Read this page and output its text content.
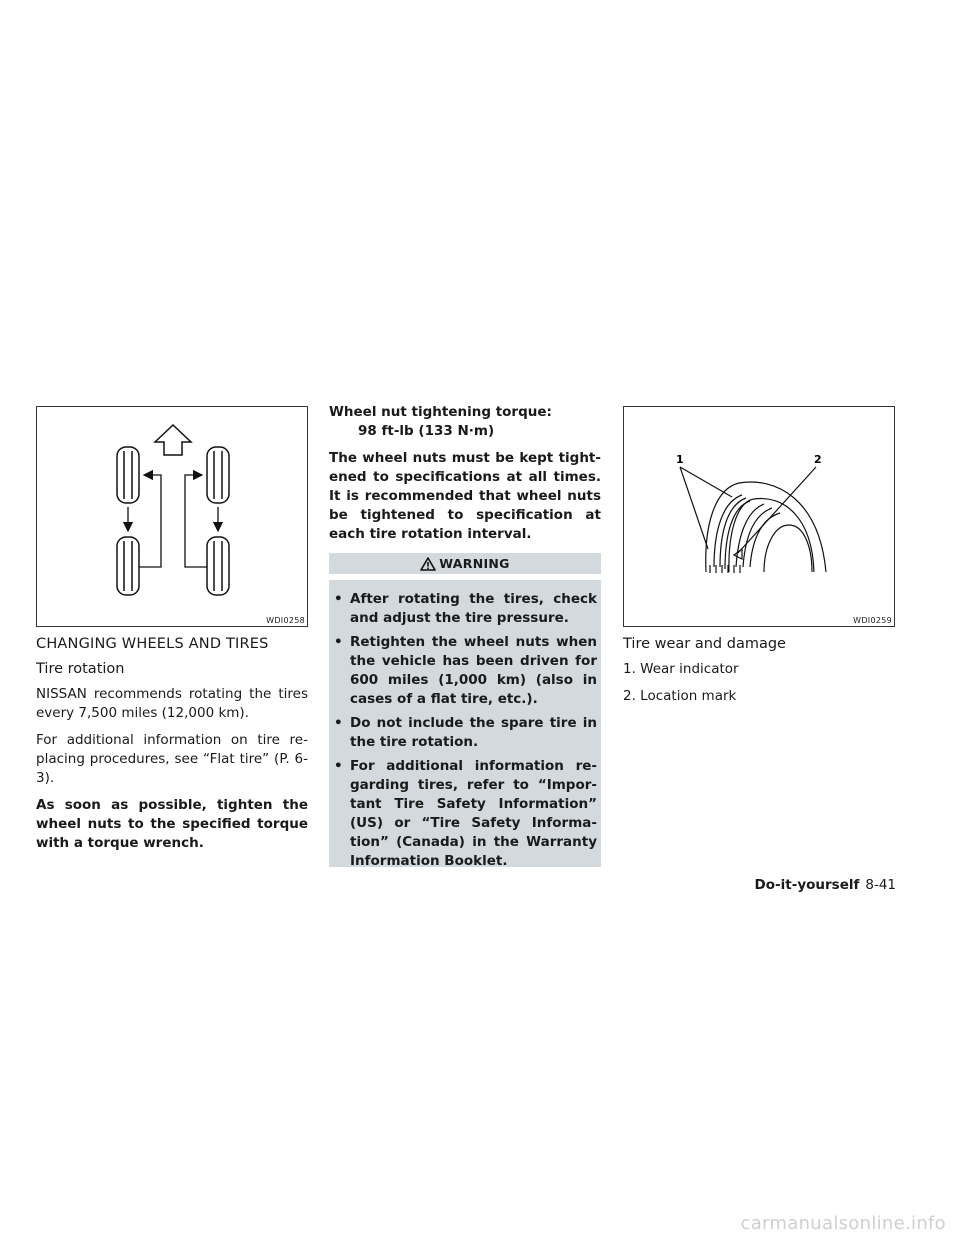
WDI0258
1	2
WDI0259
CHANGING WHEELS AND TIRES
Tire rotation

NISSAN recommends rotating the tires every 7,500 miles (12,000 km).

For additional information on tire re- placing procedures, see “Flat tire” (P. 6-3).

As soon as possible, tighten the wheel nuts to the specified torque with a torque wrench.

Wheel nut tightening torque:

98 ft-lb (133 N·m)

The wheel nuts must be kept tight- ened to specifications at all times. It is recommended that wheel nuts be tightened to specification at each tire rotation interval.

WARNING
• After rotating the tires, check and adjust the tire pressure.
• Retighten the wheel nuts when the vehicle has been driven for 600 miles (1,000 km) (also in cases of a flat tire, etc.).
• Do not include the spare tire in the tire rotation.
• For additional information re- garding tires, refer to “Impor- tant Tire Safety Information” (US) or “Tire Safety Informa- tion” (Canada) in the Warranty Information Booklet.
Tire wear and damage

1. Wear indicator

2. Location mark

Do-it-yourself 8-41
carmanualsonline.info
